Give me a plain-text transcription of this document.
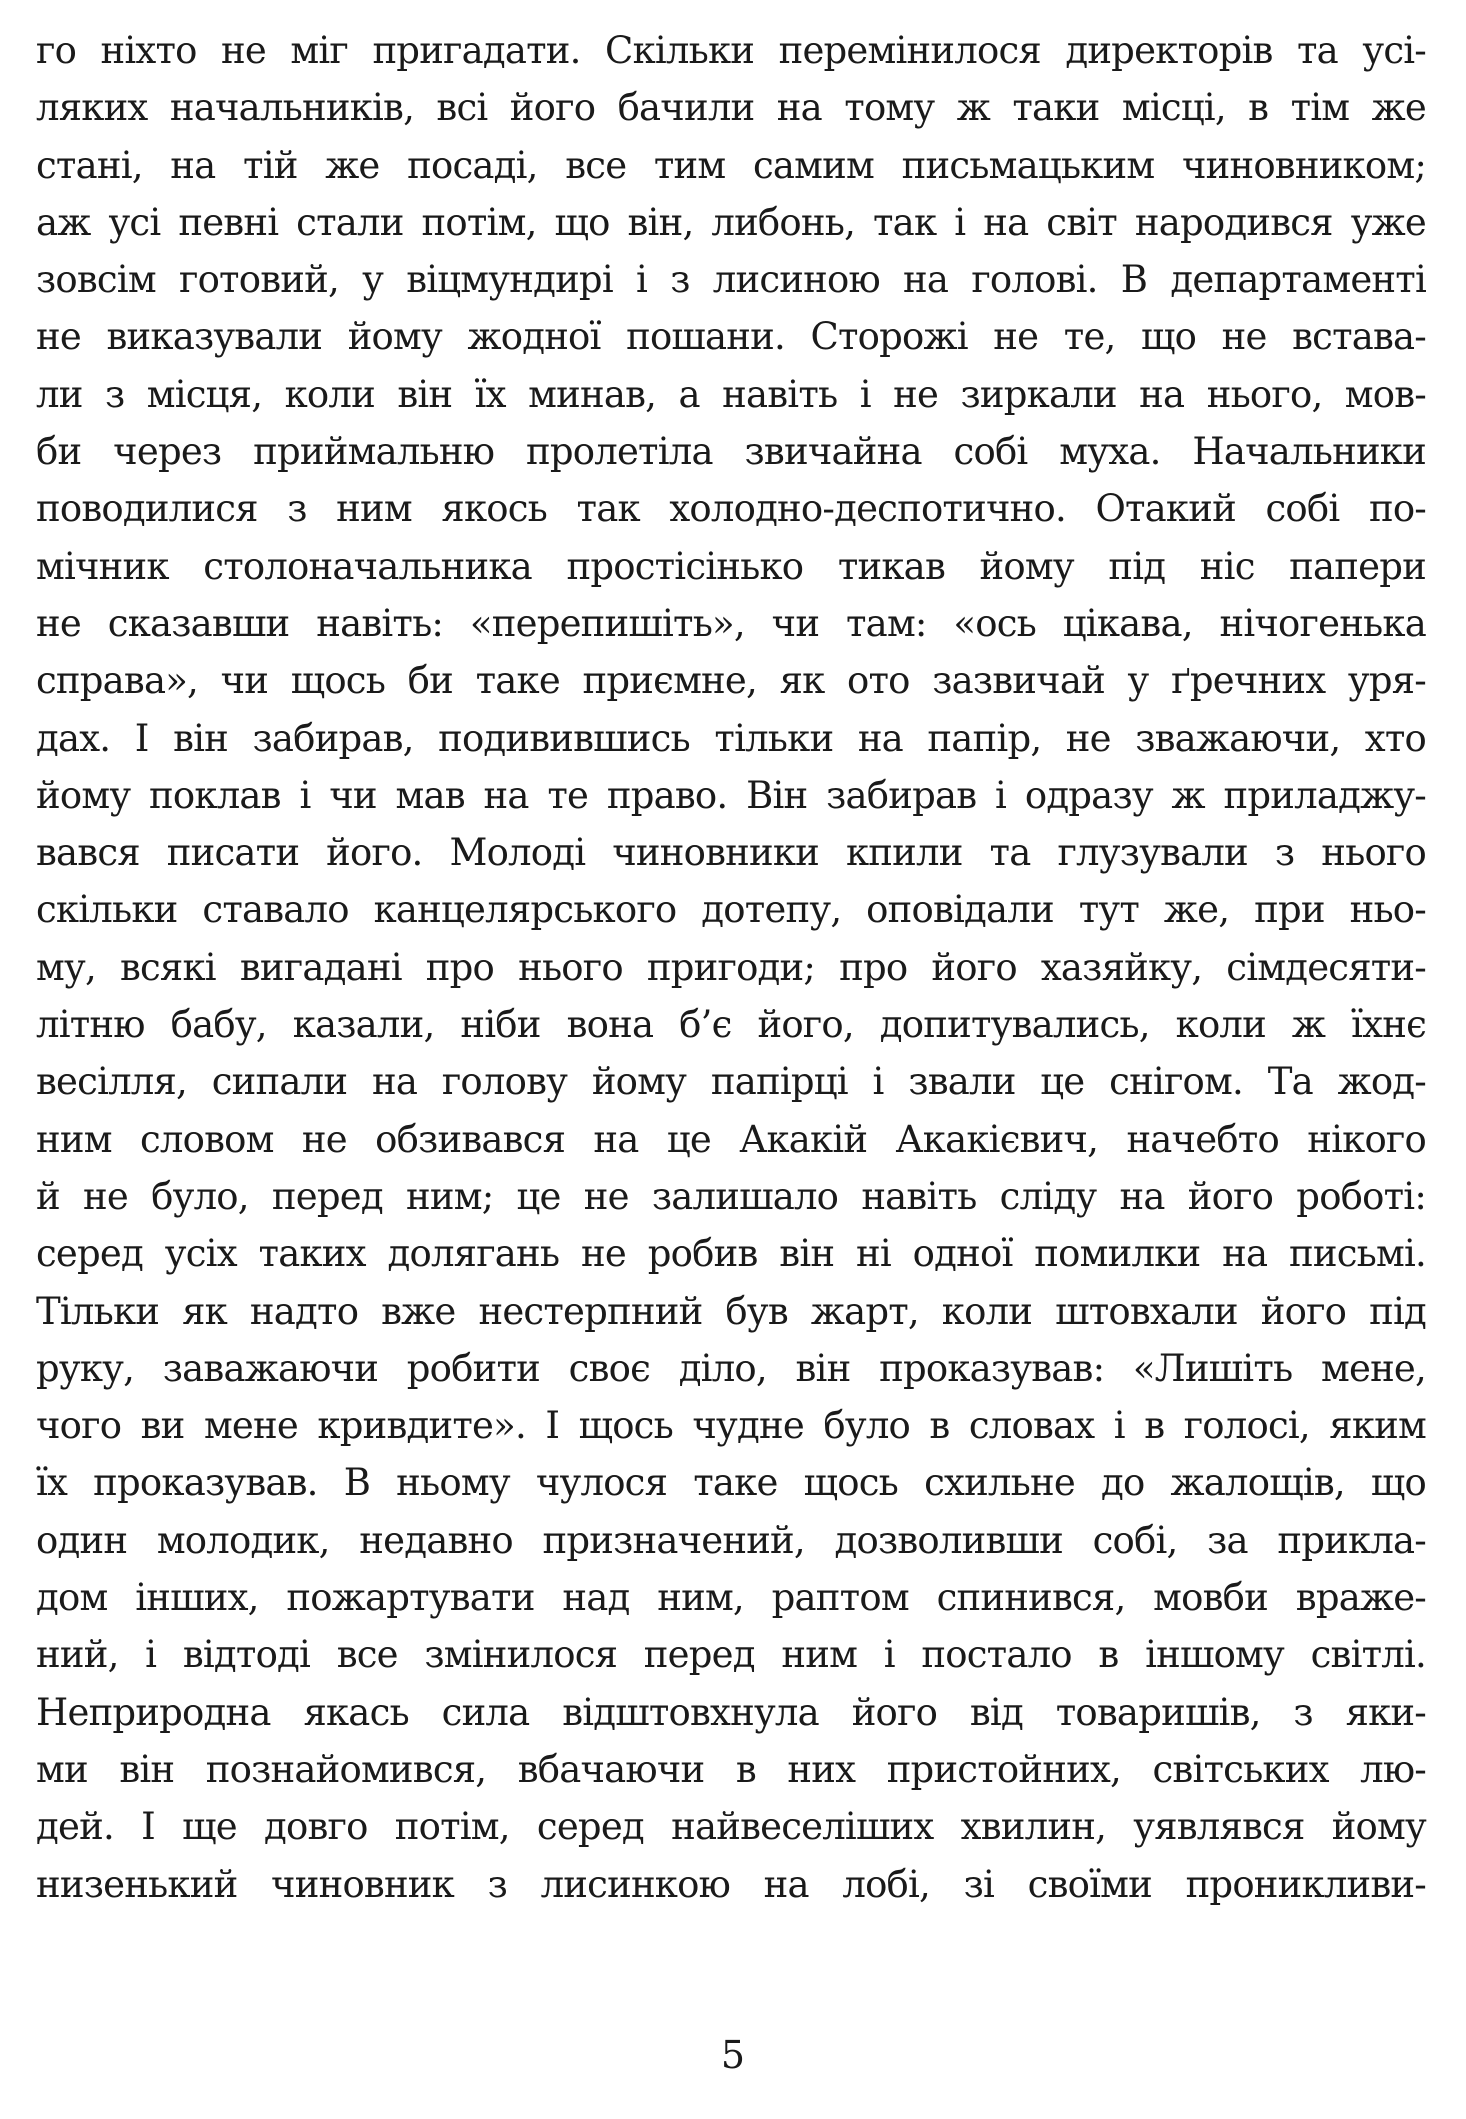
го ніхто не міг пригадати. Скільки перемінилося директорів та усі-
ляких начальників, всі його бачили на тому ж таки місці, в тім же
стані, на тій же посаді, все тим самим письмацьким чиновником;
аж усі певні стали потім, що він, либонь, так і на світ народився уже
зовсім готовий, у віцмундирі і з лисиною на голові. В департаменті
не виказували йому жодної пошани. Сторожі не те, що не встава-
ли з місця, коли він їх минав, а навіть і не зиркали на нього, мов-
би через приймальню пролетіла звичайна собі муха. Начальники
поводилися з ним якось так холодно-деспотично. Отакий собі по-
мічник столоначальника простісінько тикав йому під ніс папери
не сказавши навіть: «перепишіть», чи там: «ось цікава, нічогенька
справа», чи щось би таке приємне, як ото зазвичай у ґречних уря-
дах. І він забирав, подивившись тільки на папір, не зважаючи, хто
йому поклав і чи мав на те право. Він забирав і одразу ж приладжу-
вався писати його. Молоді чиновники кпили та глузували з нього
скільки ставало канцелярського дотепу, оповідали тут же, при ньо-
му, всякі вигадані про нього пригоди; про його хазяйку, сімдесяти-
літню бабу, казали, ніби вона б’є його, допитувались, коли ж їхнє
весілля, сипали на голову йому папірці і звали це снігом. Та жод-
ним словом не обзивався на це Акакій Акакієвич, начебто нікого
й не було, перед ним; це не залишало навіть сліду на його роботі:
серед усіх таких долягань не робив він ні одної помилки на письмі.
Тільки як надто вже нестерпний був жарт, коли штовхали його під
руку, заважаючи робити своє діло, він проказував: «Лишіть мене,
чого ви мене кривдите». І щось чудне було в словах і в голосі, яким
їх проказував. В ньому чулося таке щось схильне до жалощів, що
один молодик, недавно призначений, дозволивши собі, за прикла-
дом інших, пожартувати над ним, раптом спинився, мовби враже-
ний, і відтоді все змінилося перед ним і постало в іншому світлі.
Неприродна якась сила відштовхнула його від товаришів, з яки-
ми він познайомився, вбачаючи в них пристойних, світських лю-
дей. І ще довго потім, серед найвеселіших хвилин, уявлявся йому
низенький чиновник з лисинкою на лобі, зі своїми проникливи-
5
